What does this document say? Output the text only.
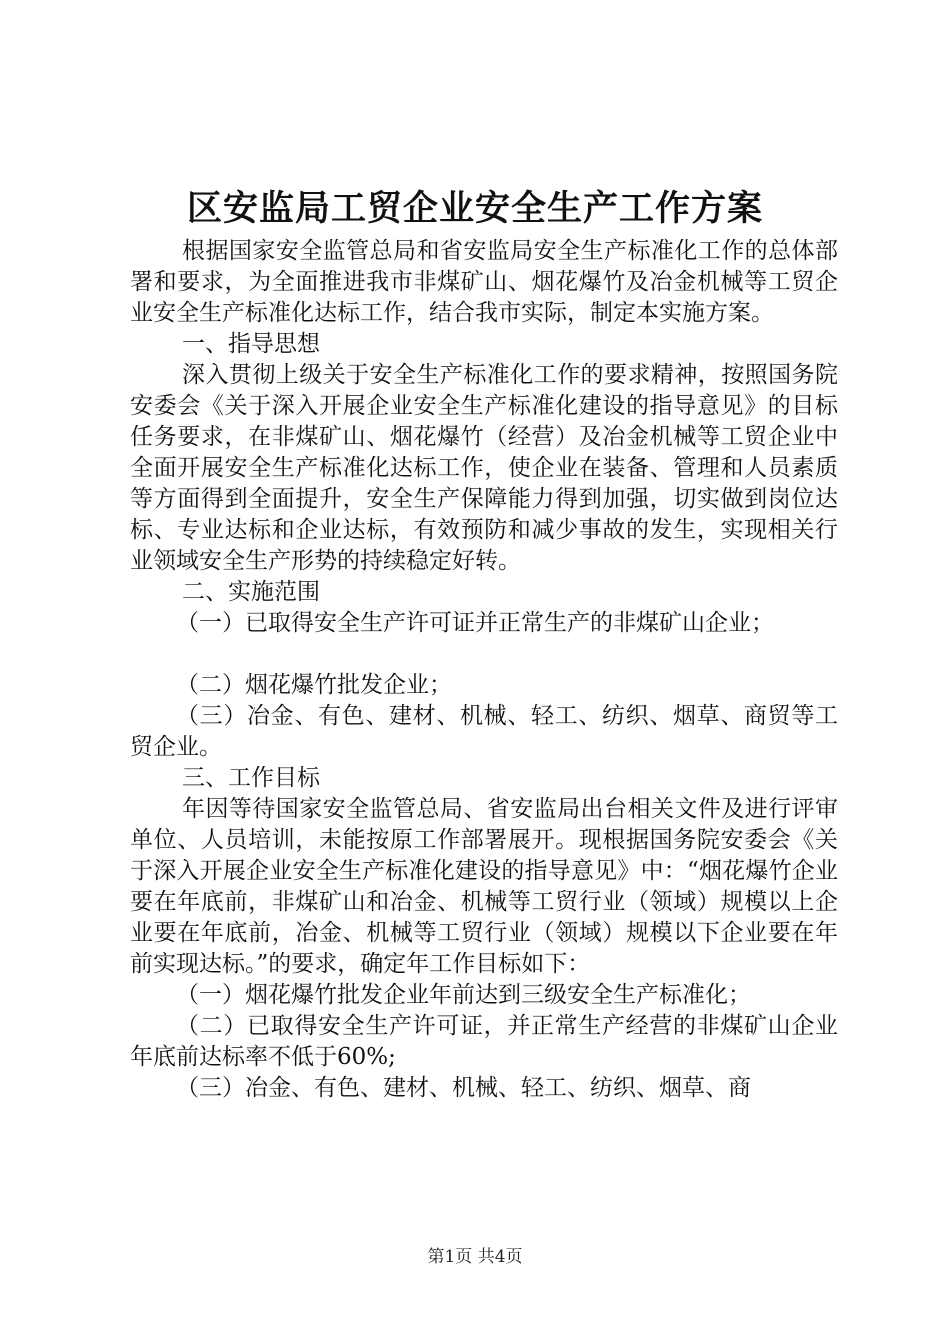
区安监局工贸企业安全生产工作方案

根据国家安全监管总局和省安监局安全生产标准化工作的总体部署和要求，为全面推进我市非煤矿山、烟花爆竹及冶金机械等工贸企业安全生产标准化达标工作，结合我市实际，制定本实施方案。

一、指导思想

深入贯彻上级关于安全生产标准化工作的要求精神，按照国务院安委会《关于深入开展企业安全生产标准化建设的指导意见》的目标任务要求，在非煤矿山、烟花爆竹（经营）及冶金机械等工贸企业中全面开展安全生产标准化达标工作，使企业在装备、管理和人员素质等方面得到全面提升，安全生产保障能力得到加强，切实做到岗位达标、专业达标和企业达标，有效预防和减少事故的发生，实现相关行业领域安全生产形势的持续稳定好转。

二、实施范围

（一）已取得安全生产许可证并正常生产的非煤矿山企业；

（二）烟花爆竹批发企业；

（三）冶金、有色、建材、机械、轻工、纺织、烟草、商贸等工贸企业。

三、工作目标

年因等待国家安全监管总局、省安监局出台相关文件及进行评审单位、人员培训，未能按原工作部署展开。现根据国务院安委会《关于深入开展企业安全生产标准化建设的指导意见》中：“烟花爆竹企业要在年底前，非煤矿山和冶金、机械等工贸行业（领域）规模以上企业要在年底前，冶金、机械等工贸行业（领域）规模以下企业要在年前实现达标。”的要求，确定年工作目标如下：

（一）烟花爆竹批发企业年前达到三级安全生产标准化；

（二）已取得安全生产许可证，并正常生产经营的非煤矿山企业年底前达标率不低于60%;

（三）冶金、有色、建材、机械、轻工、纺织、烟草、商

第1页 共4页
